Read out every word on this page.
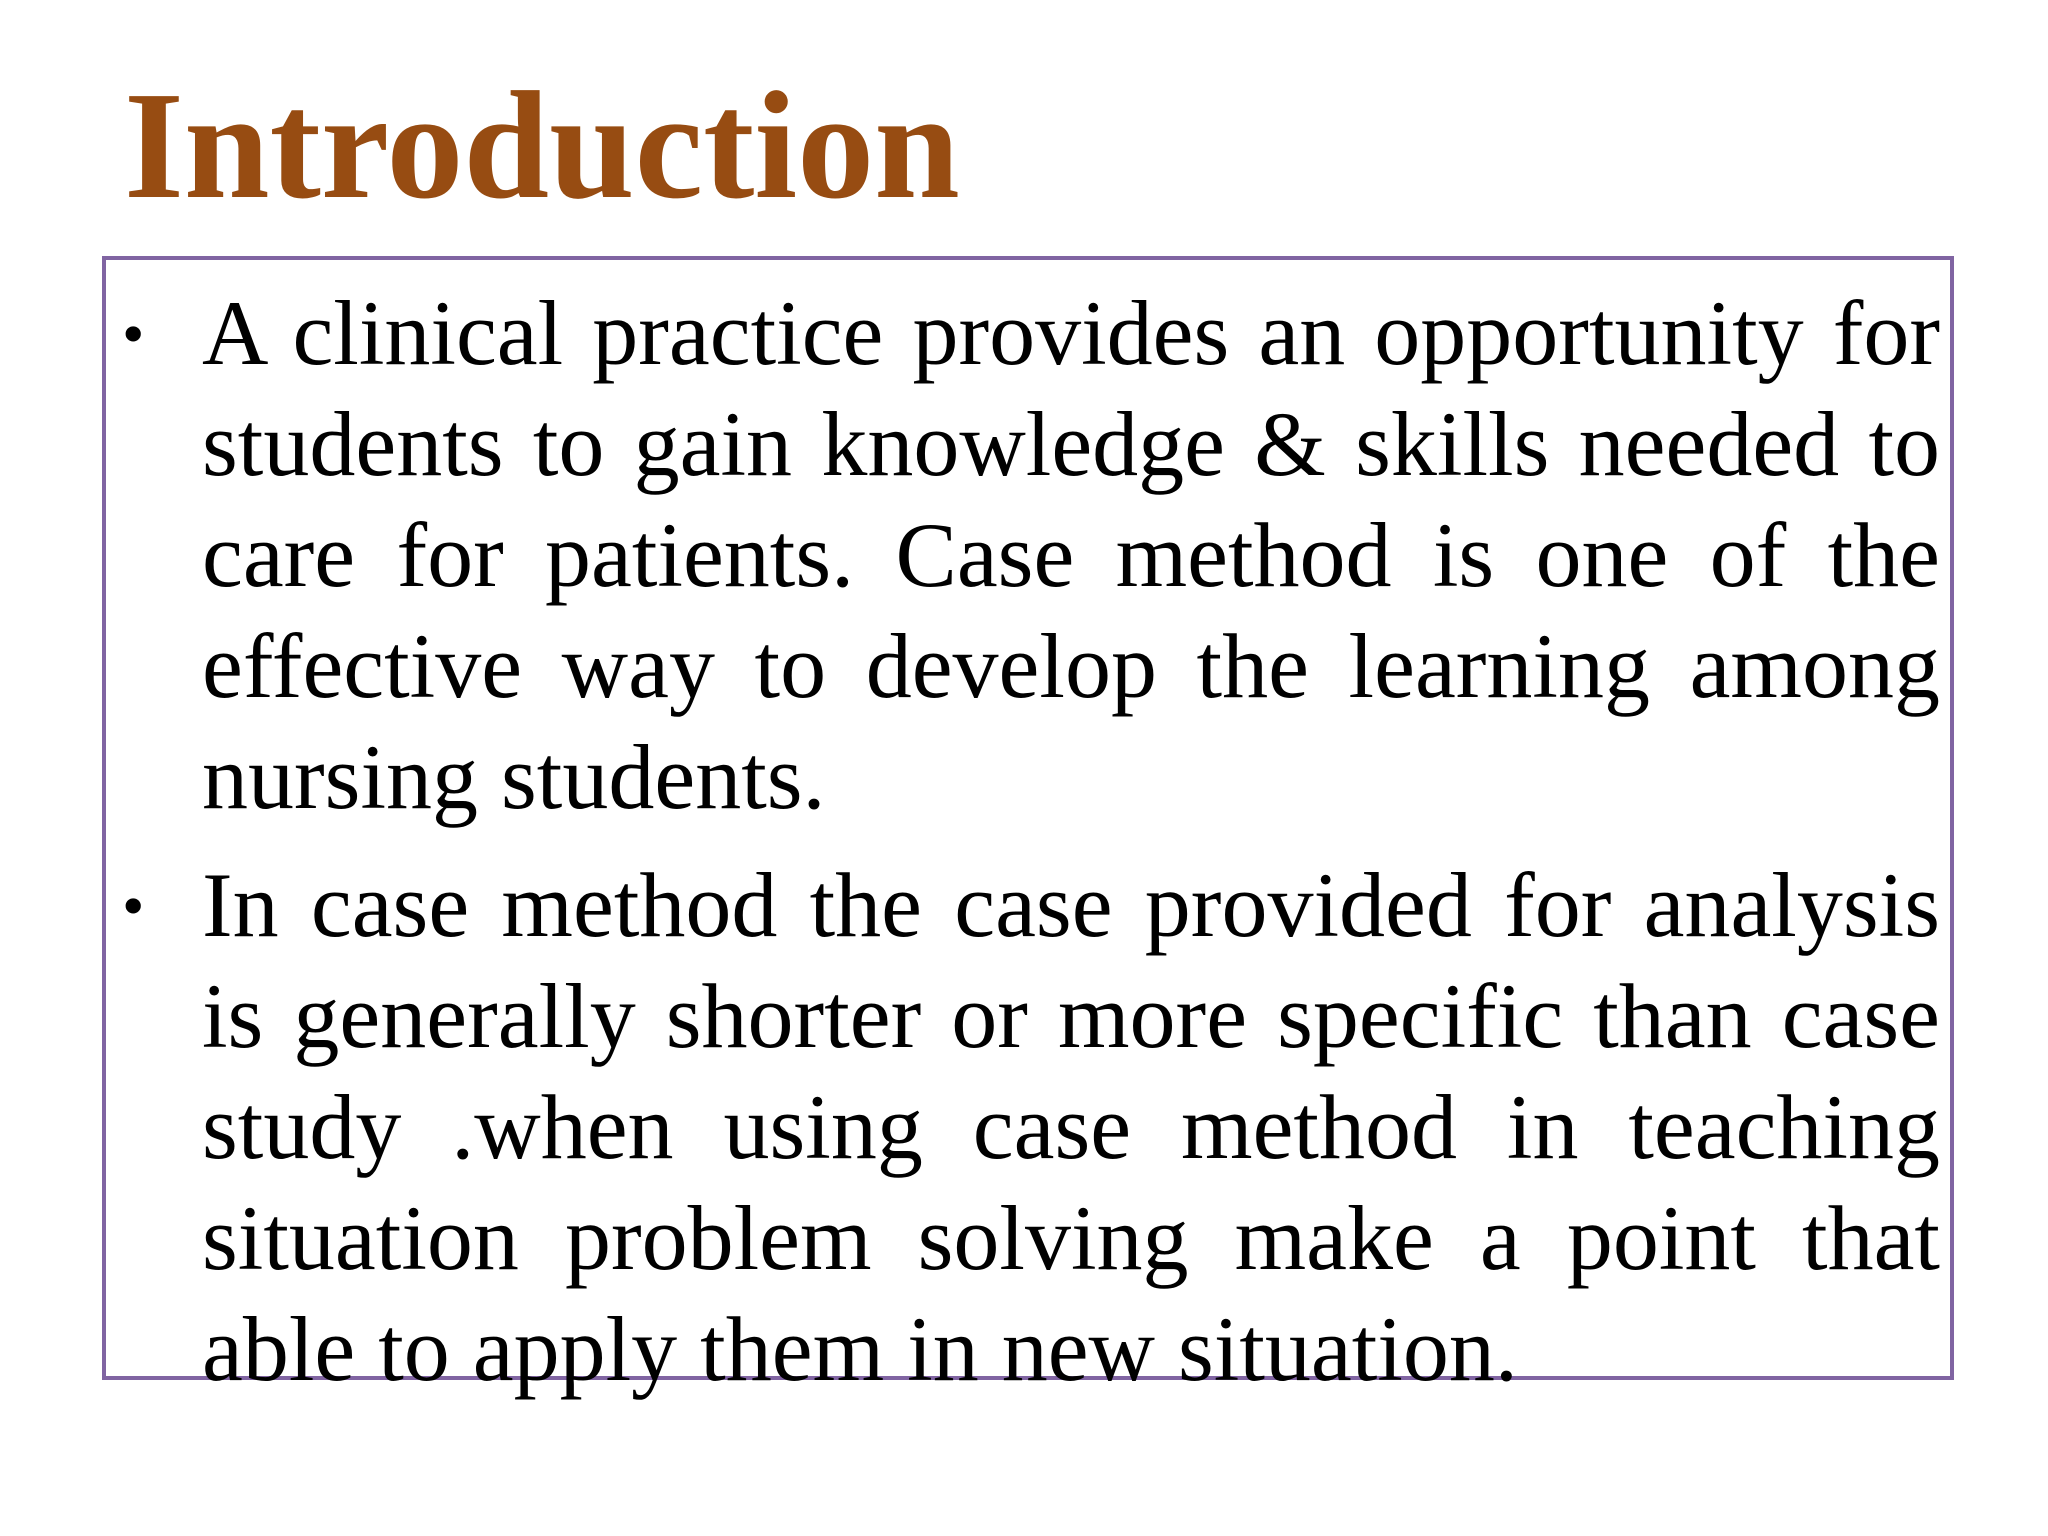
Introduction
• A clinical practice provides an opportunity for students to gain knowledge & skills needed to care for patients. Case method is one of the effective way to develop the learning among nursing students.
• In case method the case provided for analysis is generally shorter or more specific than case study .when using case method in teaching situation problem solving make a point that able to apply them in new situation.
